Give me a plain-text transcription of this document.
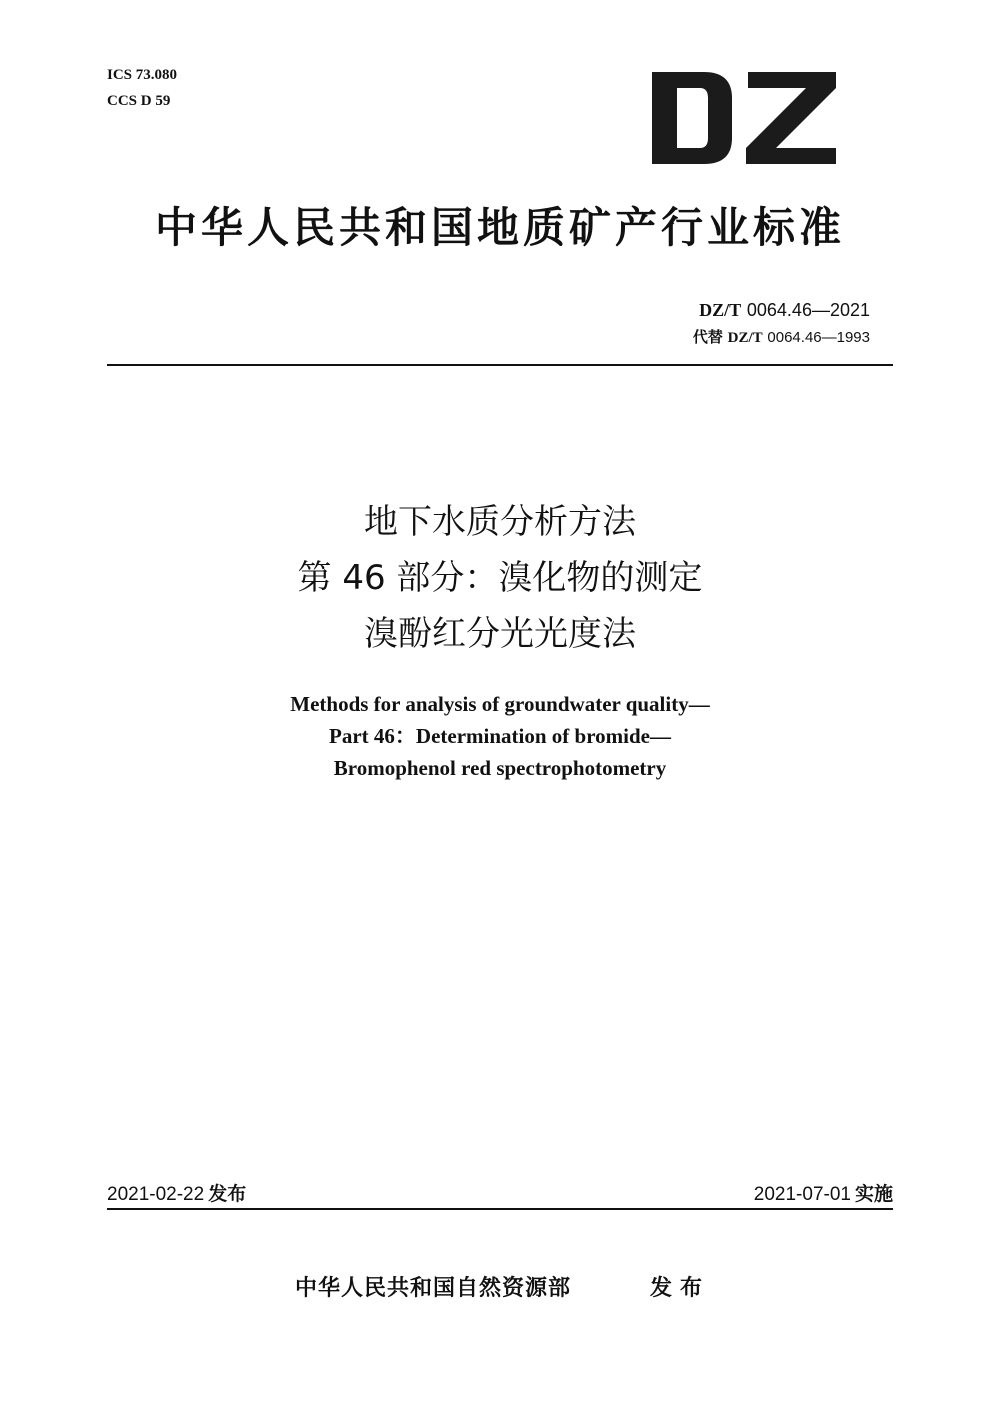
ICS 73.080
CCS D 59
中华人民共和国地质矿产行业标准
DZ/T 0064.46—2021
代替 DZ/T 0064.46—1993
地下水质分析方法
第 46 部分：溴化物的测定
溴酚红分光光度法
Methods for analysis of groundwater quality—
Part 46：Determination of bromide—
Bromophenol red spectrophotometry
2021-02-22 发布	2021-07-01 实施
中华人民共和国自然资源部	发布
